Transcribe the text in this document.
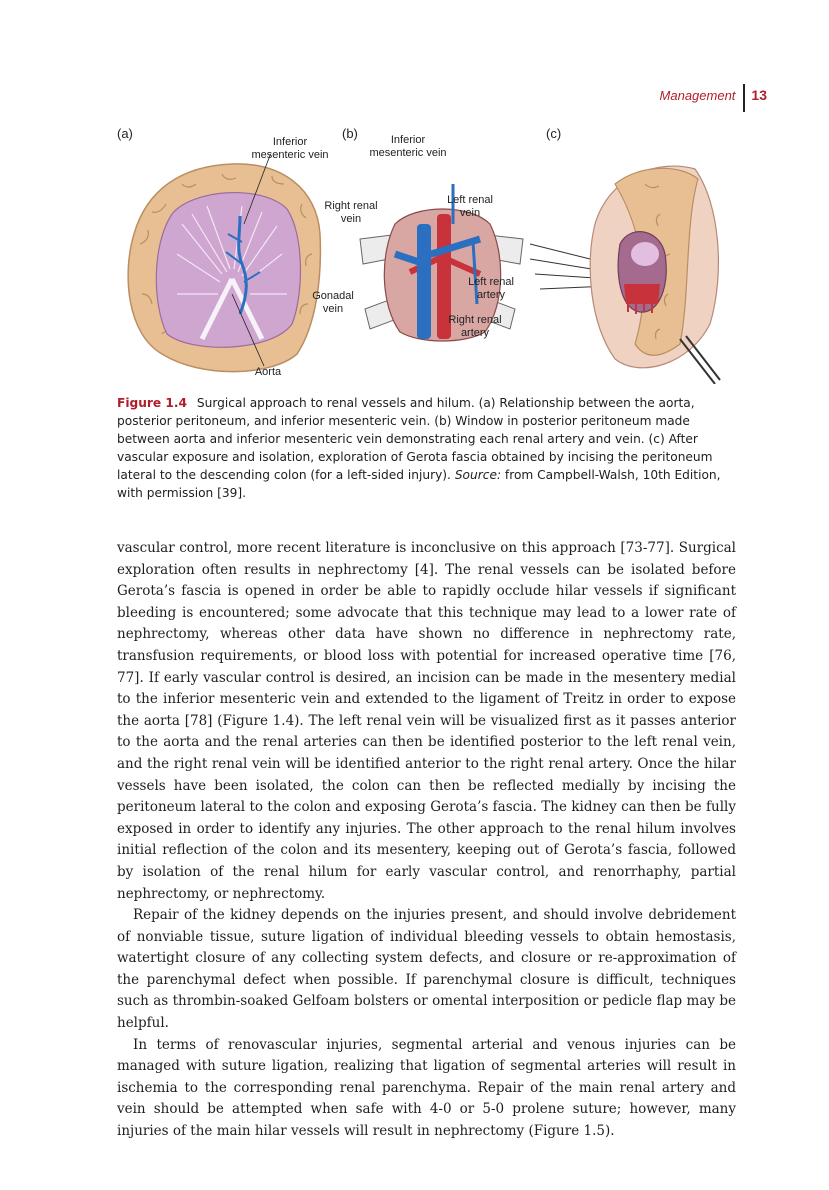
Management	13
(a)
Inferior
mesenteric vein
Aorta
(b)	Inferior
mesenteric vein
Right renal
vein
Left renal
vein
Gonadal
vein
Left renal
artery
Right renal
artery
(c)
Figure 1.4 Surgical approach to renal vessels and hilum. (a) Relationship between the aorta, posterior peritoneum, and inferior mesenteric vein. (b) Window in posterior peritoneum made between aorta and inferior mesenteric vein demonstrating each renal artery and vein. (c) After vascular exposure and isolation, exploration of Gerota fascia obtained by incising the peritoneum lateral to the descending colon (for a left-sided injury). Source: from Campbell-Walsh, 10th Edition, with permission [39].

vascular control, more recent literature is inconclusive on this approach [73-77]. Surgical exploration often results in nephrectomy [4]. The renal vessels can be isolated before Gerota’s fascia is opened in order be able to rapidly occlude hilar vessels if significant bleeding is encountered; some advocate that this technique may lead to a lower rate of nephrectomy, whereas other data have shown no difference in nephrectomy rate, transfusion requirements, or blood loss with potential for increased operative time [76, 77]. If early vascular control is desired, an incision can be made in the mesentery medial to the inferior mesenteric vein and extended to the ligament of Treitz in order to expose the aorta [78] (Figure 1.4). The left renal vein will be visualized first as it passes anterior to the aorta and the renal arteries can then be identified posterior to the left renal vein, and the right renal vein will be identified anterior to the right renal artery. Once the hilar vessels have been isolated, the colon can then be reflected medially by incising the peritoneum lateral to the colon and exposing Gerota’s fascia. The kidney can then be fully exposed in order to identify any injuries. The other approach to the renal hilum involves initial reflection of the colon and its mesentery, keeping out of Gerota’s fascia, followed by isolation of the renal hilum for early vascular control, and renorrhaphy, partial nephrectomy, or nephrectomy.

Repair of the kidney depends on the injuries present, and should involve debridement of nonviable tissue, suture ligation of individual bleeding vessels to obtain hemostasis, watertight closure of any collecting system defects, and closure or re-approximation of the parenchymal defect when possible. If parenchymal closure is difficult, techniques such as thrombin-soaked Gelfoam bolsters or omental interposition or pedicle flap may be helpful.

In terms of renovascular injuries, segmental arterial and venous injuries can be managed with suture ligation, realizing that ligation of segmental arteries will result in ischemia to the corresponding renal parenchyma. Repair of the main renal artery and vein should be attempted when safe with 4-0 or 5-0 prolene suture; however, many injuries of the main hilar vessels will result in nephrectomy (Figure 1.5).
